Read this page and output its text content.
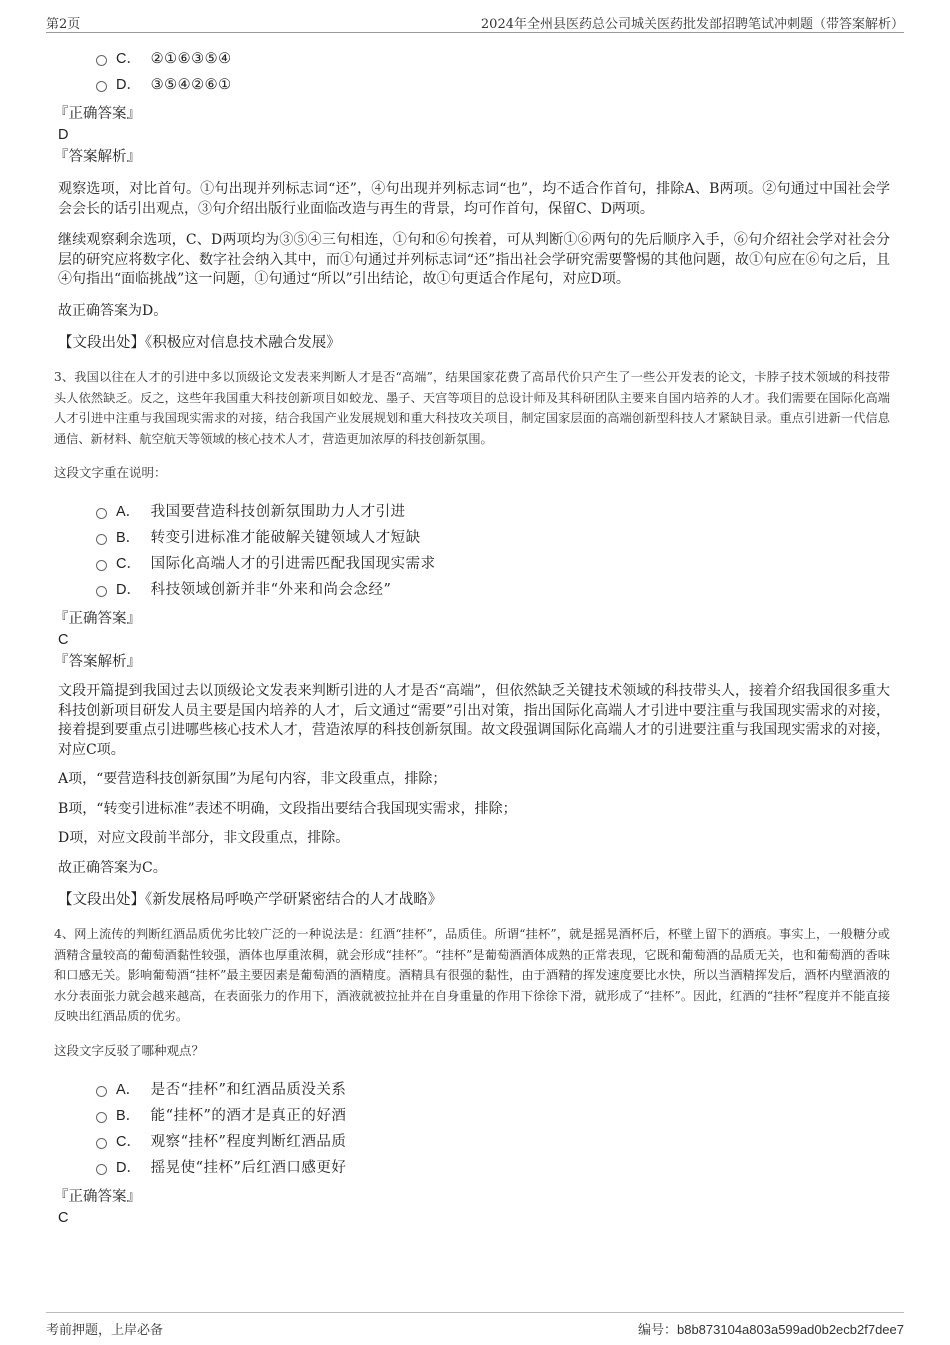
第2页	2024年全州县医药总公司城关医药批发部招聘笔试冲刺题（带答案解析）
C． ②①⑥③⑤④
D． ③⑤④②⑥①
『正确答案』
D
『答案解析』

观察选项，对比首句。①句出现并列标志词“还”，④句出现并列标志词“也”，均不适合作首句，排除A、B两项。②句通过中国社会学会会长的话引出观点，③句介绍出版行业面临改造与再生的背景，均可作首句，保留C、D两项。

继续观察剩余选项，C、D两项均为③⑤④三句相连，①句和⑥句挨着，可从判断①⑥两句的先后顺序入手，⑥句介绍社会学对社会分层的研究应将数字化、数字社会纳入其中，而①句通过并列标志词“还”指出社会学研究需要警惕的其他问题，故①句应在⑥句之后，且④句指出“面临挑战”这一问题，①句通过“所以”引出结论，故①句更适合作尾句，对应D项。

故正确答案为D。

【文段出处】《积极应对信息技术融合发展》

3、我国以往在人才的引进中多以顶级论文发表来判断人才是否“高端”，结果国家花费了高昂代价只产生了一些公开发表的论文，卡脖子技术领域的科技带头人依然缺乏。反之，这些年我国重大科技创新项目如蛟龙、墨子、天宫等项目的总设计师及其科研团队主要来自国内培养的人才。我们需要在国际化高端人才引进中注重与我国现实需求的对接，结合我国产业发展规划和重大科技攻关项目，制定国家层面的高端创新型科技人才紧缺目录。重点引进新一代信息通信、新材料、航空航天等领域的核心技术人才，营造更加浓厚的科技创新氛围。

这段文字重在说明：
A． 我国要营造科技创新氛围助力人才引进
B． 转变引进标准才能破解关键领域人才短缺
C． 国际化高端人才的引进需匹配我国现实需求
D． 科技领域创新并非“外来和尚会念经”
『正确答案』
C
『答案解析』

文段开篇提到我国过去以顶级论文发表来判断引进的人才是否“高端”，但依然缺乏关键技术领域的科技带头人，接着介绍我国很多重大科技创新项目研发人员主要是国内培养的人才，后文通过“需要”引出对策，指出国际化高端人才引进中要注重与我国现实需求的对接，接着提到要重点引进哪些核心技术人才，营造浓厚的科技创新氛围。故文段强调国际化高端人才的引进要注重与我国现实需求的对接，对应C项。

A项，“要营造科技创新氛围”为尾句内容，非文段重点，排除；

B项，“转变引进标准”表述不明确，文段指出要结合我国现实需求，排除；

D项，对应文段前半部分，非文段重点，排除。

故正确答案为C。

【文段出处】《新发展格局呼唤产学研紧密结合的人才战略》

4、网上流传的判断红酒品质优劣比较广泛的一种说法是：红酒“挂杯”，品质佳。所谓“挂杯”，就是摇晃酒杯后，杯壁上留下的酒痕。事实上，一般糖分或酒精含量较高的葡萄酒黏性较强，酒体也厚重浓稠，就会形成“挂杯”。“挂杯”是葡萄酒酒体成熟的正常表现，它既和葡萄酒的品质无关，也和葡萄酒的香味和口感无关。影响葡萄酒“挂杯”最主要因素是葡萄酒的酒精度。酒精具有很强的黏性，由于酒精的挥发速度要比水快，所以当酒精挥发后，酒杯内壁酒液的水分表面张力就会越来越高，在表面张力的作用下，酒液就被拉扯并在自身重量的作用下徐徐下滑，就形成了“挂杯”。因此，红酒的“挂杯”程度并不能直接反映出红酒品质的优劣。

这段文字反驳了哪种观点？
A． 是否“挂杯”和红酒品质没关系
B． 能“挂杯”的酒才是真正的好酒
C． 观察“挂杯”程度判断红酒品质
D． 摇晃使“挂杯”后红酒口感更好
『正确答案』
C
考前押题，上岸必备	编号：b8b873104a803a599ad0b2ecb2f7dee7
